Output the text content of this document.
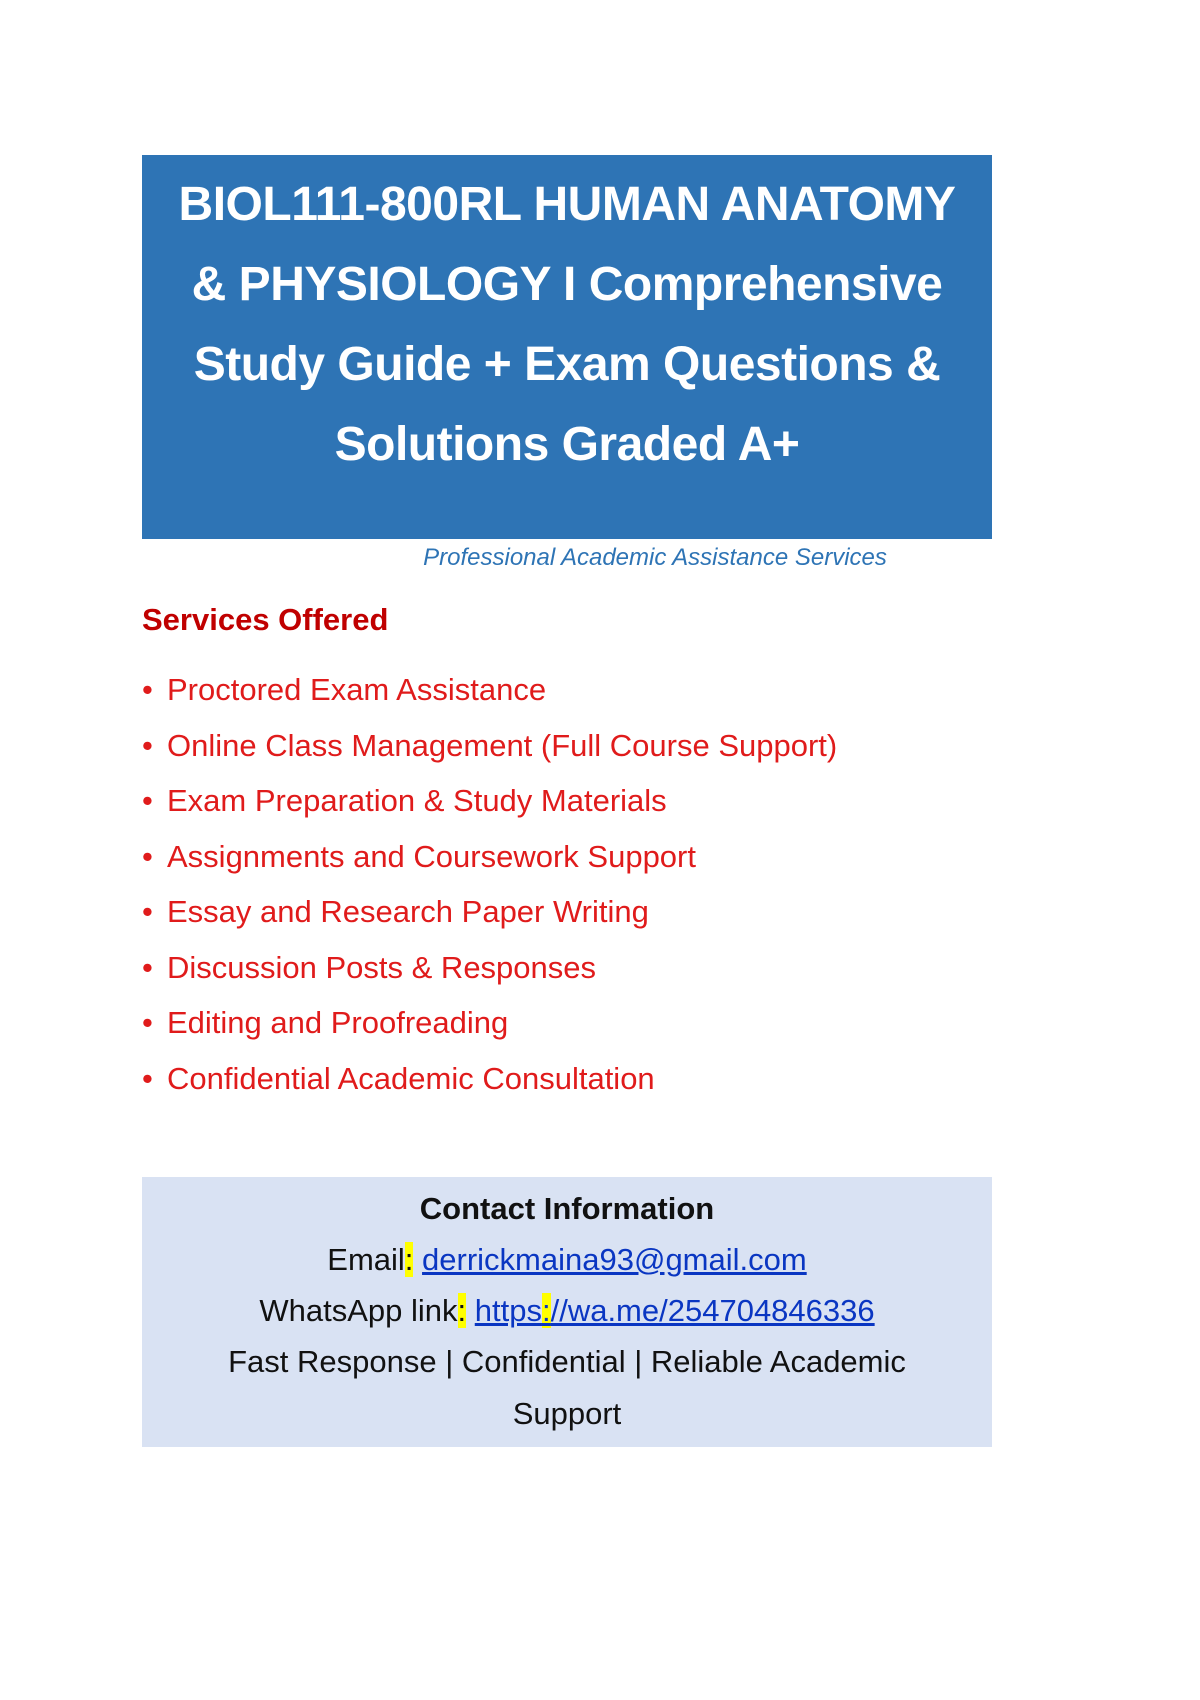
BIOL111-800RL HUMAN ANATOMY

& PHYSIOLOGY I Comprehensive

Study Guide + Exam Questions &

Solutions Graded A+

Professional Academic Assistance Services
Services Offered
• Proctored Exam Assistance
• Online Class Management (Full Course Support)
• Exam Preparation & Study Materials
• Assignments and Coursework Support
• Essay and Research Paper Writing
• Discussion Posts & Responses
• Editing and Proofreading
• Confidential Academic Consultation
Contact Information
Email: derrickmaina93@gmail.com
WhatsApp link: https://wa.me/254704846336
Fast Response | Confidential | Reliable Academic Support
